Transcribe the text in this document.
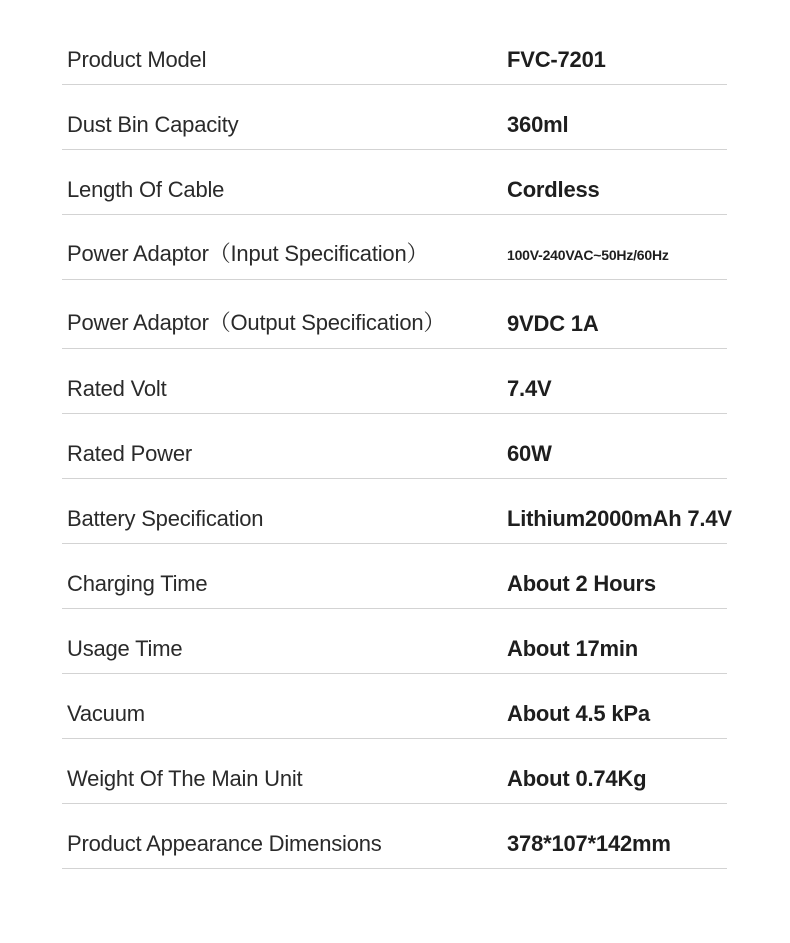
Product Model	FVC-7201
Dust Bin Capacity	360ml
Length Of Cable	Cordless
Power Adaptor（Input Specification）	100V-240VAC~50Hz/60Hz
Power Adaptor（Output Specification）	9VDC 1A
Rated Volt	7.4V
Rated Power	60W
Battery Specification	Lithium2000mAh 7.4V
Charging Time	About 2 Hours
Usage Time	About 17min
Vacuum	About 4.5 kPa
Weight Of The Main Unit	About 0.74Kg
Product Appearance Dimensions	378*107*142mm
